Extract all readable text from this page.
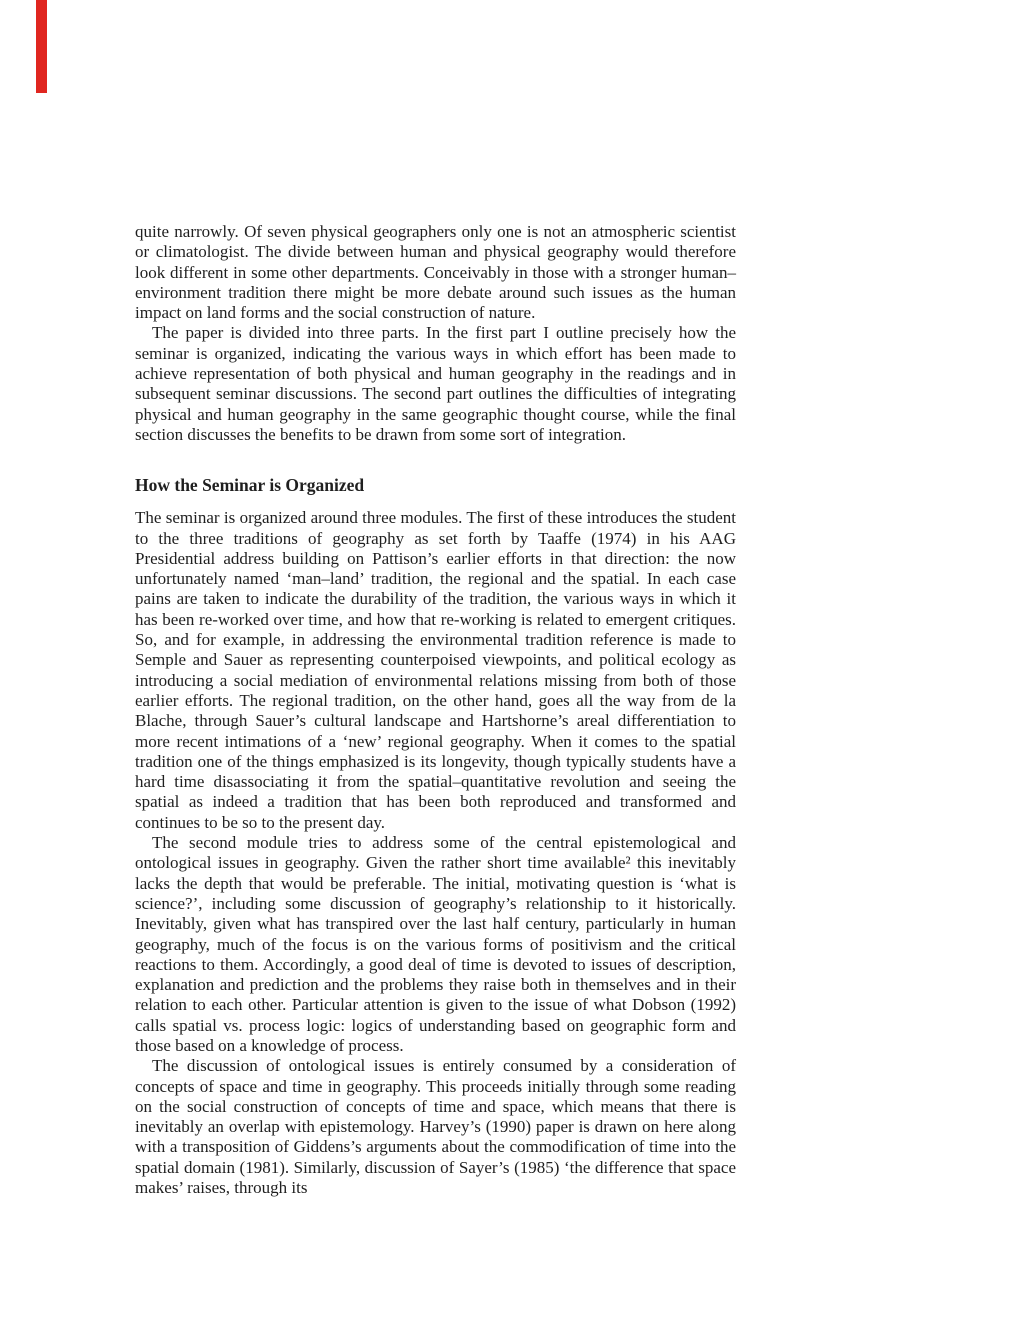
quite narrowly. Of seven physical geographers only one is not an atmospheric scientist or climatologist. The divide between human and physical geography would therefore look different in some other departments. Conceivably in those with a stronger human–environment tradition there might be more debate around such issues as the human impact on land forms and the social construction of nature.

The paper is divided into three parts. In the first part I outline precisely how the seminar is organized, indicating the various ways in which effort has been made to achieve representation of both physical and human geography in the readings and in subsequent seminar discussions. The second part outlines the difficulties of integrating physical and human geography in the same geographic thought course, while the final section discusses the benefits to be drawn from some sort of integration.

How the Seminar is Organized

The seminar is organized around three modules. The first of these introduces the student to the three traditions of geography as set forth by Taaffe (1974) in his AAG Presidential address building on Pattison’s earlier efforts in that direction: the now unfortunately named ‘man–land’ tradition, the regional and the spatial. In each case pains are taken to indicate the durability of the tradition, the various ways in which it has been re-worked over time, and how that re-working is related to emergent critiques. So, and for example, in addressing the environmental tradition reference is made to Semple and Sauer as representing counterpoised viewpoints, and political ecology as introducing a social mediation of environmental relations missing from both of those earlier efforts. The regional tradition, on the other hand, goes all the way from de la Blache, through Sauer’s cultural landscape and Hartshorne’s areal differentiation to more recent intimations of a ‘new’ regional geography. When it comes to the spatial tradition one of the things emphasized is its longevity, though typically students have a hard time disassociating it from the spatial–quantitative revolution and seeing the spatial as indeed a tradition that has been both reproduced and transformed and continues to be so to the present day.

The second module tries to address some of the central epistemological and ontological issues in geography. Given the rather short time available² this inevitably lacks the depth that would be preferable. The initial, motivating question is ‘what is science?’, including some discussion of geography’s relationship to it historically. Inevitably, given what has transpired over the last half century, particularly in human geography, much of the focus is on the various forms of positivism and the critical reactions to them. Accordingly, a good deal of time is devoted to issues of description, explanation and prediction and the problems they raise both in themselves and in their relation to each other. Particular attention is given to the issue of what Dobson (1992) calls spatial vs. process logic: logics of understanding based on geographic form and those based on a knowledge of process.

The discussion of ontological issues is entirely consumed by a consideration of concepts of space and time in geography. This proceeds initially through some reading on the social construction of concepts of time and space, which means that there is inevitably an overlap with epistemology. Harvey’s (1990) paper is drawn on here along with a transposition of Giddens’s arguments about the commodification of time into the spatial domain (1981). Similarly, discussion of Sayer’s (1985) ‘the difference that space makes’ raises, through its
